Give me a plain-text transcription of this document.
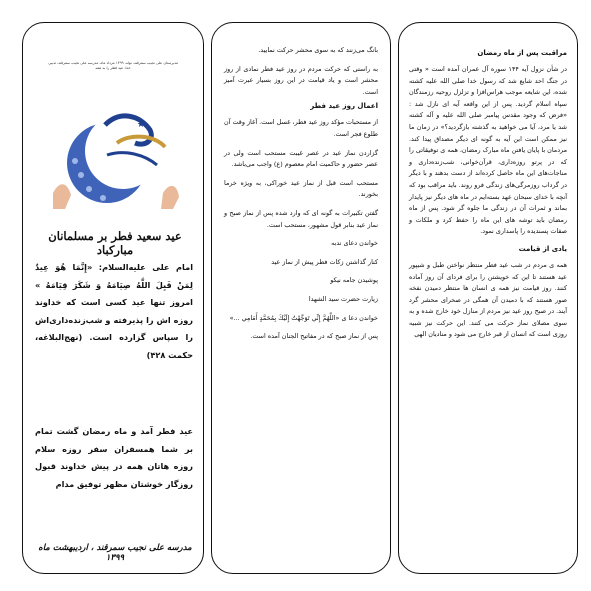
مدیرستان علی نجیب سمرقند، تولد، ۱۳۹۹ مرداد ماه، مدرسه علی نجیب سمرقند، تدبیر، خدا، عید فطر را به همه
★
عید سعید فطر بر مسلمانان مبارکباد

امام علی علیه‌السلام: «إِنَّمَا هُوَ عِيدٌ لِمَنْ قَبِلَ اللَّهُ صِيَامَهُ وَ شَكَرَ قِيَامَهُ » امروز تنها عید کسی است که خداوند روزه اش را پذیرفته و شب‌زنده‌داری‌اش را سپاس گزارده است. (نهج‌البلاغه، حکمت ۴۲۸)

عید فطر آمد و ماه رمضان گشت تمام بر شما همسفران سفر روزه سلام روزه هاتان همه در پیش خداوند قبول روزگار خوشتان مظهر توفیق مدام

مدرسه علی نجیب سمرقند ، اردیبهشت ماه ۱۳۹۹

بانگ می‌زنند که به سوی محشر حرکت نمایید.

به راستی که حرکت مردم در روز عید فطر نمادی از روز محشر است و یاد قیامت در این روز بسیار عبرت آمیز است.

اعمال روز عید فطر

از مستحبات مؤکد روز عید فطر، غسل است. آغاز وقت آن طلوع فجر است.

گزاردن نماز عید در عصر غیبت مستحب است ولی در عصر حضور و حاکمیت امام معصوم (ع) واجب می‌باشد.

مستحب است قبل از نماز عید خوراکی، به ویژه خرما بخورند.

گفتن تکبیرات به گونه ای که وارد شده پس از نماز صبح و نماز عید بنابر قول مشهور، مستحب است.

خواندن دعای ندبه

کنار گذاشتن زکات فطر پیش از نماز عید

پوشیدن جامه نیکو

زیارت حضرت سید الشهدا

خواندن دعا ی «اللَّهُمَّ إِنِّي تَوَجَّهْتُ إِلَيْكَ بِمُحَمَّدٍ أَمَامِي ...»

پس از نماز صبح که در مفاتیح الجنان آمده است.

مراقبت پس از ماه رمضان

در شأن نزول آیه ۱۴۴ سوره آل عمران آمده است « وقتی در جنگ احد شایع شد که رسول خدا صلی الله علیه کشته شده، این شایعه موجب هراس‌افزا و تزلزل روحیه رزمندگان سپاه اسلام گردید. پس از این واقعه آیه ای نازل شد : «فرض که وجود مقدس پیامبر صلی الله علیه و آله کشته شد یا مرد، آیا می خواهید به گذشته بازگردید؟» در زمان ما نیز ممکن است این آیه به گونه ای دیگر مصداق پیدا کند. مردمان با پایان یافتن ماه مبارک رمضان، همه ی توفیقاتی را که در پرتو روزه‌داری، قرآن‌خوانی، شب‌زنده‌داری و مناجات‌های این ماه حاصل کرده‌اند از دست بدهند و با دیگر در گرداب روزمرگی‌های زندگی فرو روند. باید مراقب بود که آنچه با خدای سبحان عهد بسته‌ایم در ماه های دیگر نیز پایدار بماند و ثمرات آن در زندگی ما جلوه گر شود. پس از ماه رمضان باید توشه های این ماه را حفظ کرد و ملکات و صفات پسندیده را پاسداری نمود.

یادی از قیامت

همه ی مردم در شب عید فطر منتظر نواختن طبل و شیپور عید هستند تا این که خویشتن را برای فردای آن روز آماده کنند. روز قیامت نیز همه ی انسان ها منتظر دمیدن نفخه صور هستند که با دمیدن آن همگی در صحرای محشر گرد آیند. در صبح روز عید نیز مردم از منازل خود خارج شده و به سوی مصلای نماز حرکت می کنند. این حرکت نیز شبیه روزی است که انسان از قبر خارج می شود و منادیان الهی
